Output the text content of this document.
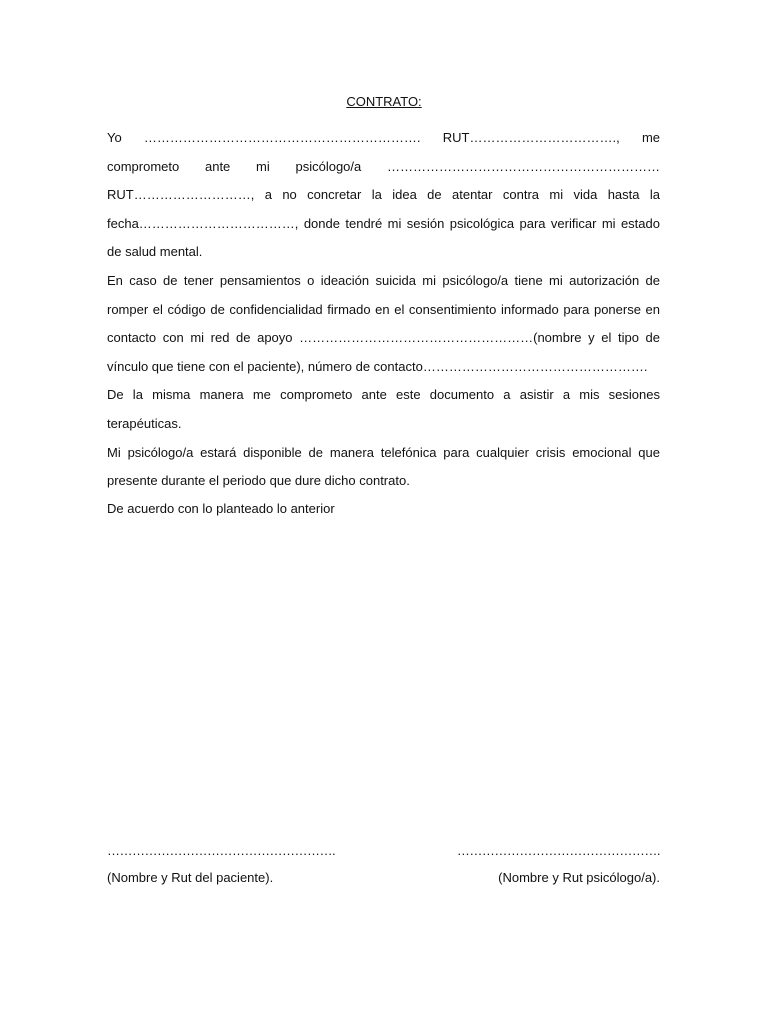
CONTRATO:

Yo ………………………………………………………. RUT……………………………., me comprometo ante mi psicólogo/a ……………………………………………………… RUT………………………, a no concretar la idea de atentar contra mi vida hasta la fecha………………………………, donde tendré mi sesión psicológica para verificar mi estado de salud mental.

En caso de tener pensamientos o ideación suicida mi psicólogo/a tiene mi autorización de romper el código de confidencialidad firmado en el consentimiento informado para ponerse en contacto con mi red de apoyo ………………………………………………(nombre y el tipo de vínculo que tiene con el paciente), número de contacto…………………………………………….

De la misma manera me comprometo ante este documento a asistir a mis sesiones terapéuticas.

Mi psicólogo/a estará disponible de manera telefónica para cualquier crisis emocional que presente durante el periodo que dure dicho contrato.

De acuerdo con lo planteado lo anterior
……………………………………………….	………………………………………….
(Nombre y Rut del paciente).	(Nombre y Rut psicólogo/a).
